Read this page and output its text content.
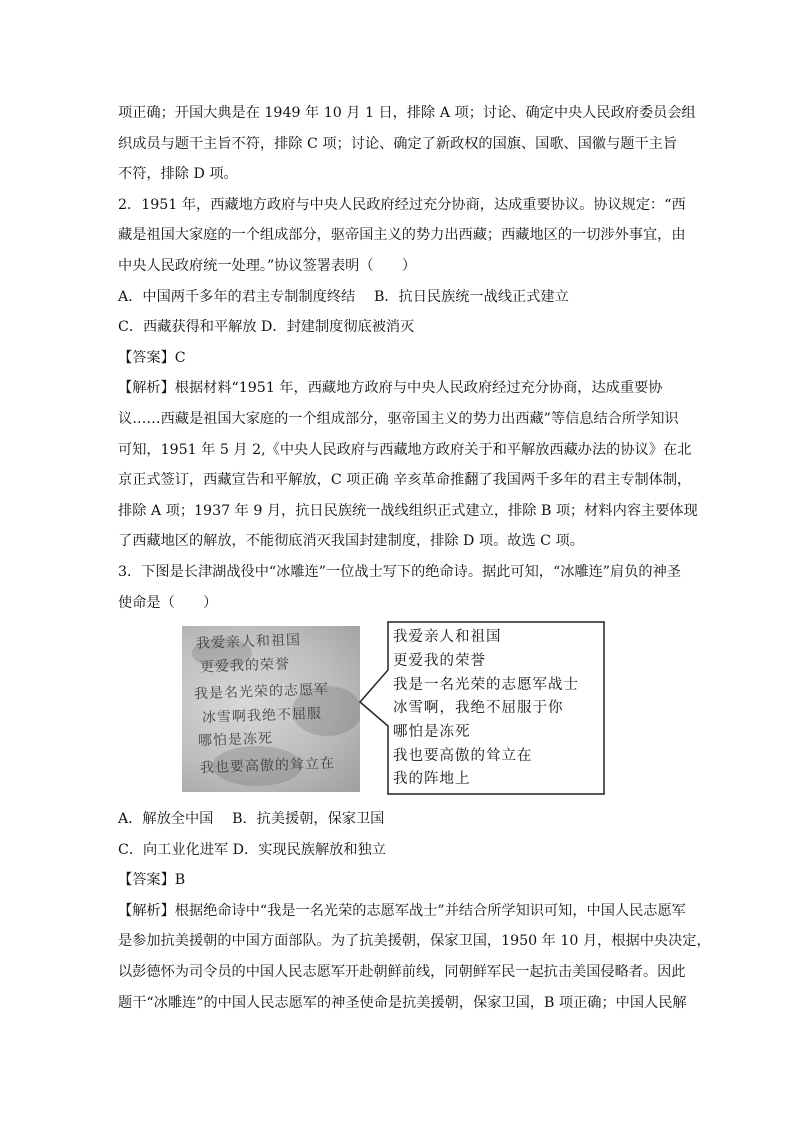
项正确；开国大典是在 1949 年 10 月 1 日，排除 A 项；讨论、确定中央人民政府委员会组
织成员与题干主旨不符，排除 C 项；讨论、确定了新政权的国旗、国歌、国徽与题干主旨
不符，排除 D 项。
2．1951 年，西藏地方政府与中央人民政府经过充分协商，达成重要协议。协议规定：“西
藏是祖国大家庭的一个组成部分，驱帝国主义的势力出西藏；西藏地区的一切涉外事宜，由
中央人民政府统一处理。”协议签署表明（　　）
A．中国两千多年的君主专制制度终结　 B．抗日民族统一战线正式建立
C．西藏获得和平解放 D．封建制度彻底被消灭
【答案】C
【解析】根据材料“1951 年，西藏地方政府与中央人民政府经过充分协商，达成重要协
议……西藏是祖国大家庭的一个组成部分，驱帝国主义的势力出西藏”等信息结合所学知识
可知，1951 年 5 月 2,《中央人民政府与西藏地方政府关于和平解放西藏办法的协议》在北
京正式签订，西藏宣告和平解放，C 项正确 辛亥革命推翻了我国两千多年的君主专制体制，
排除 A 项；1937 年 9 月，抗日民族统一战线组织正式建立，排除 B 项；材料内容主要体现
了西藏地区的解放，不能彻底消灭我国封建制度，排除 D 项。故选 C 项。
3．下图是长津湖战役中“冰雕连”一位战士写下的绝命诗。据此可知，“冰雕连”肩负的神圣
使命是（　　）
我爱亲人和祖国
更爱我的荣誉
我是名光荣的志愿军
冰雪啊我绝不屈服
哪怕是冻死
我也要高傲的耸立在
我爱亲人和祖国
更爱我的荣誉
我是一名光荣的志愿军战士
冰雪啊，我绝不屈服于你
哪怕是冻死
我也要高傲的耸立在
我的阵地上
A．解放全中国　 B．抗美援朝，保家卫国
C．向工业化进军 D．实现民族解放和独立
【答案】B
【解析】根据绝命诗中“我是一名光荣的志愿军战士”并结合所学知识可知，中国人民志愿军
是参加抗美援朝的中国方面部队。为了抗美援朝，保家卫国，1950 年 10 月，根据中央决定，
以彭德怀为司令员的中国人民志愿军开赴朝鲜前线，同朝鲜军民一起抗击美国侵略者。因此
题干“冰雕连”的中国人民志愿军的神圣使命是抗美援朝，保家卫国，B 项正确；中国人民解
